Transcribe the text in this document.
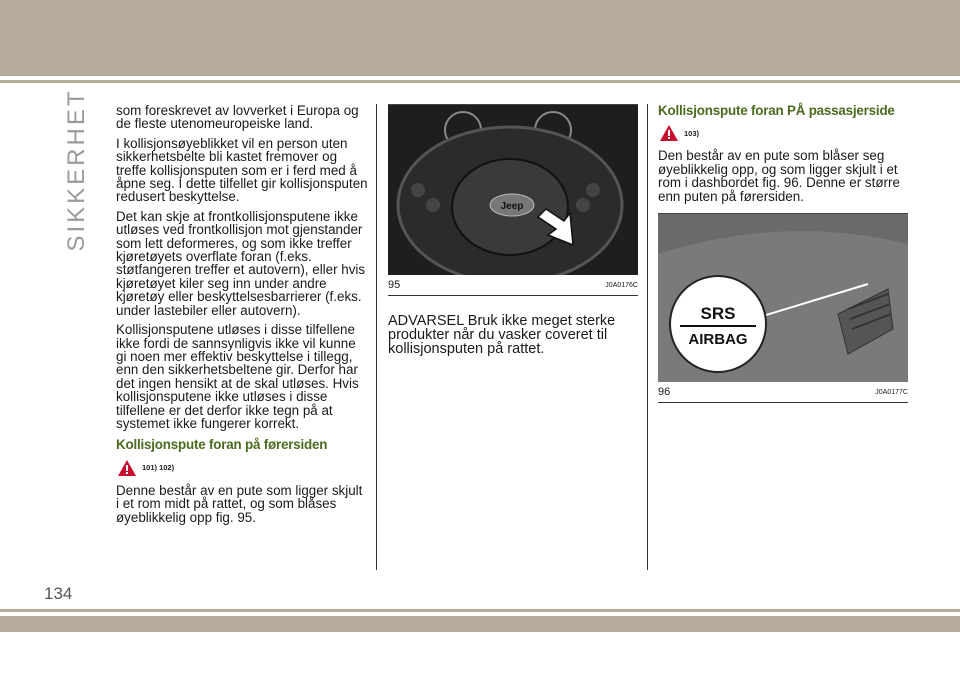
SIKKERHET som foreskrevet av lovverket i Europa og de fleste utenomeuropeiske land.

I kollisjonsøyeblikket vil en person uten sikkerhetsbelte bli kastet fremover og treffe kollisjonsputen som er i ferd med å åpne seg. I dette tilfellet gir kollisjonsputen redusert beskyttelse.

Det kan skje at frontkollisjonsputene ikke utløses ved frontkollisjon mot gjenstander som lett deformeres, og som ikke treffer kjøretøyets overflate foran (f.eks. støtfangeren treffer et autovern), eller hvis kjøretøyet kiler seg inn under andre kjøretøy eller beskyttelsesbarrierer (f.eks. under lastebiler eller autovern).

Kollisjonsputene utløses i disse tilfellene ikke fordi de sannsynligvis ikke vil kunne gi noen mer effektiv beskyttelse i tillegg, enn den sikkerhetsbeltene gir. Derfor har det ingen hensikt at de skal utløses. Hvis kollisjonsputene ikke utløses i disse tilfellene er det derfor ikke tegn på at systemet ikke fungerer korrekt.

Kollisjonspute foran på førersiden
101) 102)

Denne består av en pute som ligger skjult i et rom midt på rattet, og som blåses øyeblikkelig opp fig. 95.

Jeep
95	J0A0176C

ADVARSEL Bruk ikke meget sterke produkter når du vasker coveret til kollisjonsputen på rattet.

Kollisjonspute foran PÅ passasjerside
103)

Den består av en pute som blåser seg øyeblikkelig opp, og som ligger skjult i et rom i dashbordet fig. 96. Denne er større enn puten på førersiden.

SRS
AIRBAG
96	J0A0177C
134
